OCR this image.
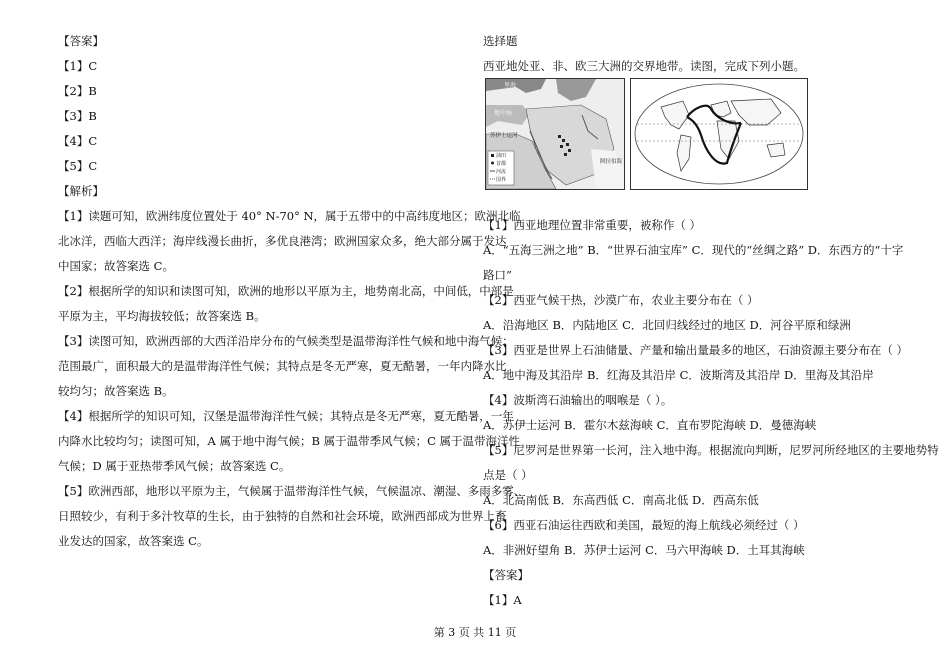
【答案】
【1】C
【2】B
【3】B
【4】C
【5】C
【解析】
【1】读题可知，欧洲纬度位置处于 40° N-70° N，属于五带中的中高纬度地区；欧洲北临
北冰洋，西临大西洋；海岸线漫长曲折，多优良港湾；欧洲国家众多，绝大部分属于发达
中国家；故答案选 C。
【2】根据所学的知识和读图可知，欧洲的地形以平原为主，地势南北高，中间低，中部是
平原为主，平均海拔较低；故答案选 B。
【3】读图可知，欧洲西部的大西洋沿岸分布的气候类型是温带海洋性气候和地中海气候；
范围最广，面积最大的是温带海洋性气候；其特点是冬无严寒，夏无酷暑，一年内降水比
较均匀；故答案选 B。
【4】根据所学的知识可知，汉堡是温带海洋性气候；其特点是冬无严寒，夏无酷暑，一年
内降水比较均匀；读图可知，A 属于地中海气候；B 属于温带季风气候；C 属于温带海洋性
气候；D 属于亚热带季风气候；故答案选 C。
【5】欧洲西部，地形以平原为主，气候属于温带海洋性气候，气候温凉、潮湿、多雨多雾、
日照较少，有利于多汁牧草的生长，由于独特的自然和社会环境，欧洲西部成为世界上畜
业发达的国家，故答案选 C。
选择题
西亚地处亚、非、欧三大洲的交界地带。读图，完成下列小题。
油田
首都
河流
国界
里海
地中海
苏伊士运河
阿拉伯海
【1】西亚地理位置非常重要，被称作（ ）
A．“五海三洲之地” B．“世界石油宝库” C．现代的“丝绸之路” D．东西方的“十字
路口”
【2】西亚气候干热，沙漠广布，农业主要分布在（ ）
A．沿海地区 B．内陆地区 C．北回归线经过的地区 D．河谷平原和绿洲
【3】西亚是世界上石油储量、产量和输出量最多的地区，石油资源主要分布在（ ）
A．地中海及其沿岸 B．红海及其沿岸 C．波斯湾及其沿岸 D．里海及其沿岸
【4】波斯湾石油输出的咽喉是（ ）。
A．苏伊士运河 B．霍尔木兹海峡 C．直布罗陀海峡 D．曼德海峡
【5】尼罗河是世界第一长河，注入地中海。根据流向判断，尼罗河所经地区的主要地势特
点是（ ）
A．北高南低 B．东高西低 C．南高北低 D．西高东低
【6】西亚石油运往西欧和美国，最短的海上航线必须经过（ ）
A．非洲好望角 B．苏伊士运河 C．马六甲海峡 D．土耳其海峡
【答案】
【1】A
第 3 页 共 11 页
